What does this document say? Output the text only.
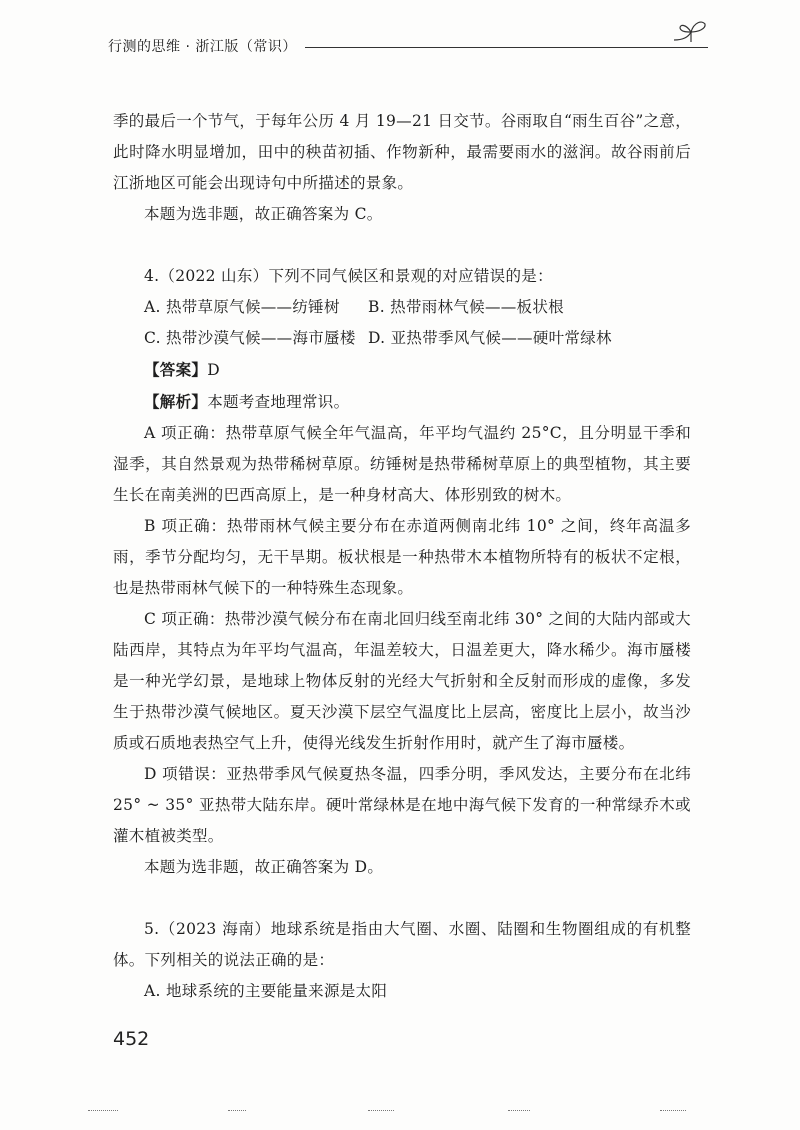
行测的思维 · 浙江版（常识）

季的最后一个节气，于每年公历 4 月 19—21 日交节。谷雨取自“雨生百谷”之意，此时降水明显增加，田中的秧苗初插、作物新种，最需要雨水的滋润。故谷雨前后江浙地区可能会出现诗句中所描述的景象。

本题为选非题，故正确答案为 C。

4.（2022 山东）下列不同气候区和景观的对应错误的是：

A. 热带草原气候——纺锤树	B. 热带雨林气候——板状根
C. 热带沙漠气候——海市蜃楼 D. 亚热带季风气候——硬叶常绿林

【答案】D

【解析】本题考查地理常识。

A 项正确：热带草原气候全年气温高，年平均气温约 25°C，且分明显干季和湿季，其自然景观为热带稀树草原。纺锤树是热带稀树草原上的典型植物，其主要生长在南美洲的巴西高原上，是一种身材高大、体形别致的树木。

B 项正确：热带雨林气候主要分布在赤道两侧南北纬 10° 之间，终年高温多雨，季节分配均匀，无干旱期。板状根是一种热带木本植物所特有的板状不定根，也是热带雨林气候下的一种特殊生态现象。

C 项正确：热带沙漠气候分布在南北回归线至南北纬 30° 之间的大陆内部或大陆西岸，其特点为年平均气温高，年温差较大，日温差更大，降水稀少。海市蜃楼是一种光学幻景，是地球上物体反射的光经大气折射和全反射而形成的虚像，多发生于热带沙漠气候地区。夏天沙漠下层空气温度比上层高，密度比上层小，故当沙质或石质地表热空气上升，使得光线发生折射作用时，就产生了海市蜃楼。

D 项错误：亚热带季风气候夏热冬温，四季分明，季风发达，主要分布在北纬 25° ~ 35° 亚热带大陆东岸。硬叶常绿林是在地中海气候下发育的一种常绿乔木或灌木植被类型。

本题为选非题，故正确答案为 D。

5.（2023 海南）地球系统是指由大气圈、水圈、陆圈和生物圈组成的有机整体。下列相关的说法正确的是：

A. 地球系统的主要能量来源是太阳

452
